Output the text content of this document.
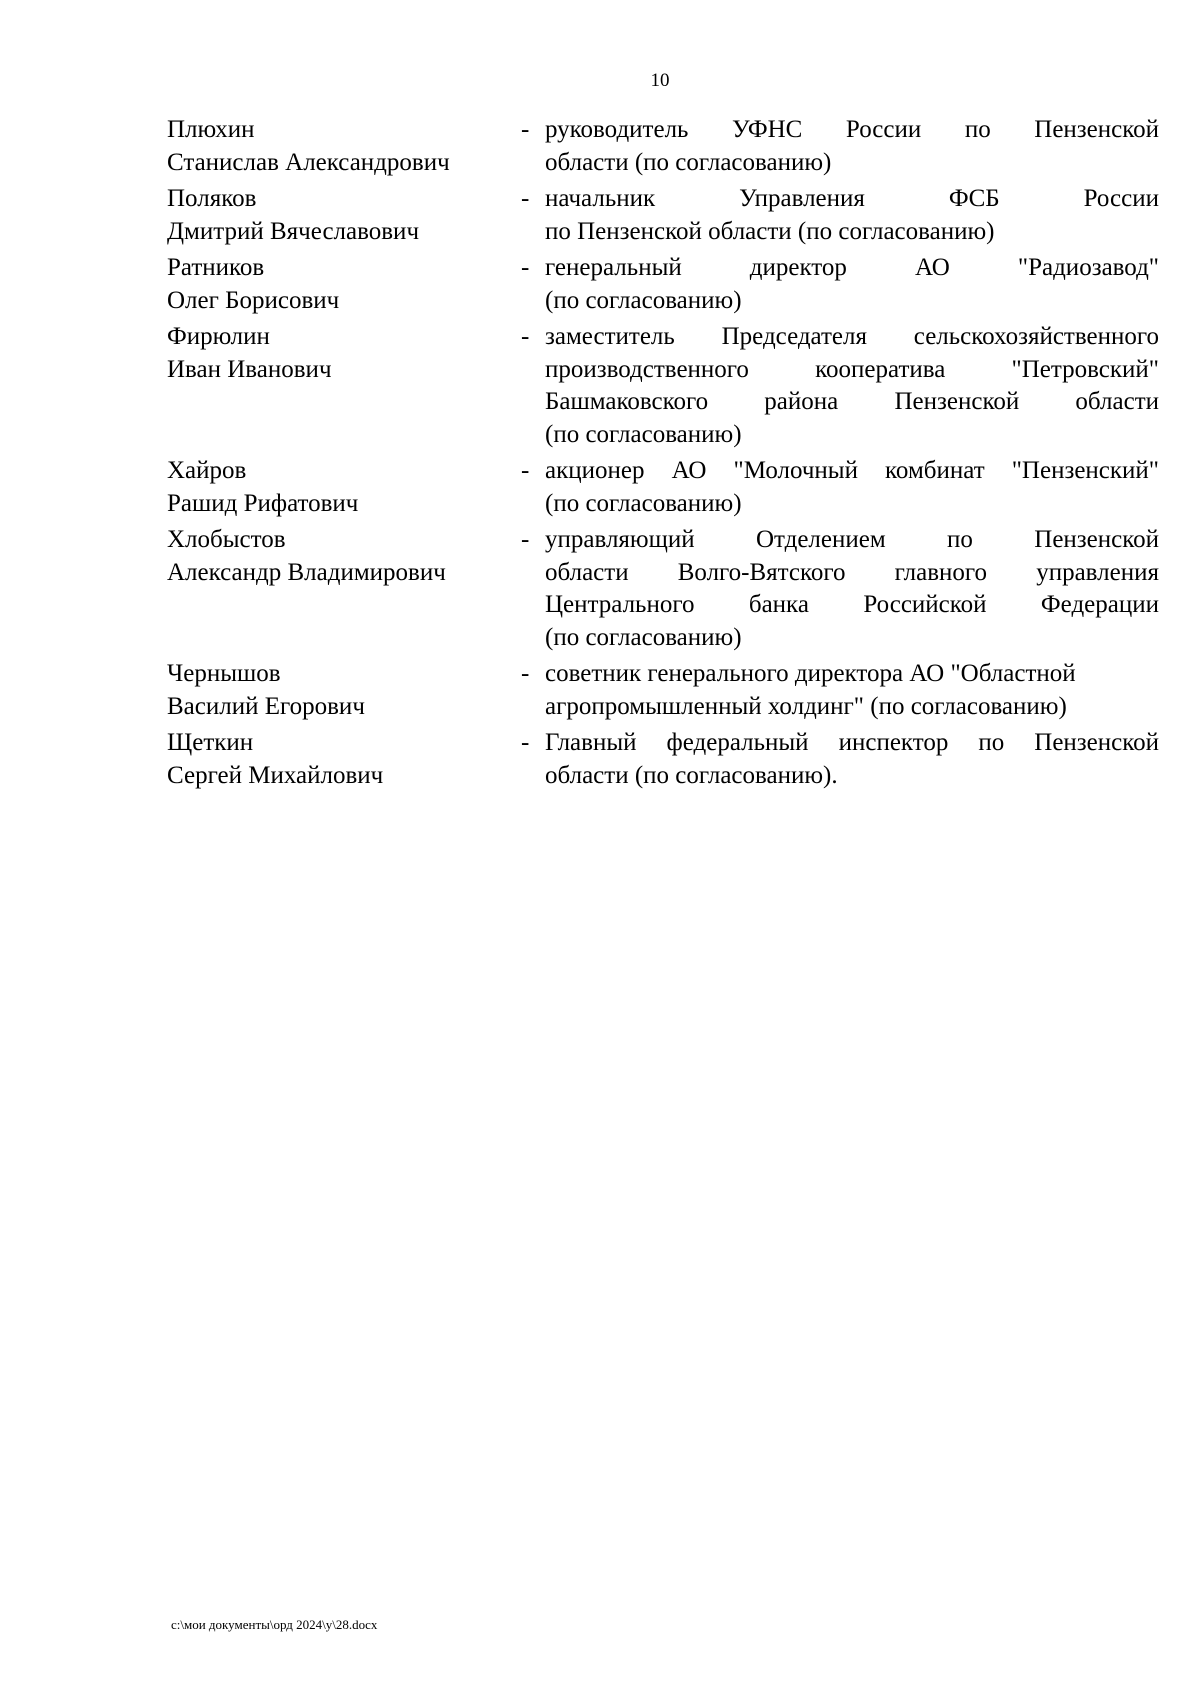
10
Плюхин
Станислав Александрович
- руководитель УФНС России по Пензенской
области (по согласованию)
Поляков
Дмитрий Вячеславович
- начальник Управления ФСБ России
по Пензенской области (по согласованию)
Ратников
Олег Борисович
- генеральный директор АО "Радиозавод"
(по согласованию)
Фирюлин
Иван Иванович
- заместитель Председателя сельскохозяйственного
производственного кооператива "Петровский"
Башмаковского района Пензенской области
(по согласованию)
Хайров
Рашид Рифатович
- акционер АО "Молочный комбинат "Пензенский"
(по согласованию)
Хлобыстов
Александр Владимирович
- управляющий Отделением по Пензенской
области Волго-Вятского главного управления
Центрального банка Российской Федерации
(по согласованию)
Чернышов
Василий Егорович
- советник генерального директора АО "Областной
агропромышленный холдинг" (по согласованию)
Щеткин
Сергей Михайлович
- Главный федеральный инспектор по Пензенской
области (по согласованию).
c:\мои документы\орд 2024\у\28.docx
